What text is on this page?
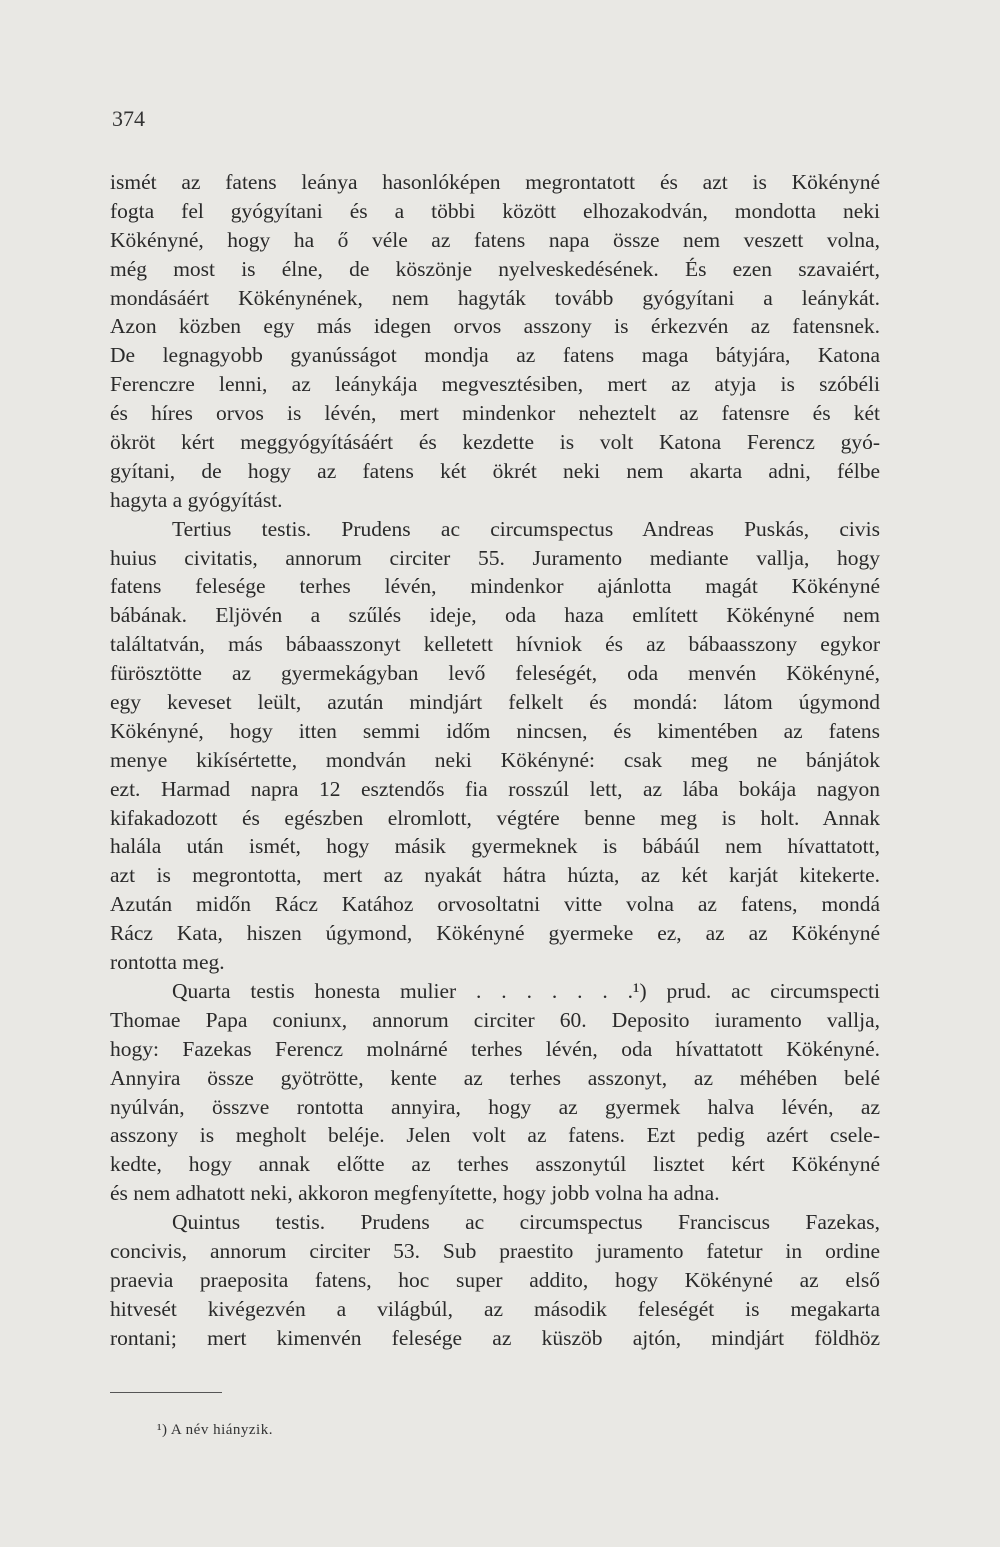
374
ismét az fatens leánya hasonlóképen megrontatott és azt is Kökényné
fogta fel gyógyítani és a többi között elhozakodván, mondotta neki
Kökényné, hogy ha ő véle az fatens napa össze nem veszett volna,
még most is élne, de köszönje nyelveskedésének. És ezen szavaiért,
mondásáért Kökénynének, nem hagyták tovább gyógyítani a leánykát.
Azon közben egy más idegen orvos asszony is érkezvén az fatensnek.
De legnagyobb gyanússágot mondja az fatens maga bátyjára, Katona
Ferenczre lenni, az leánykája megvesztésiben, mert az atyja is szóbéli
és híres orvos is lévén, mert mindenkor neheztelt az fatensre és két
ökröt kért meggyógyításáért és kezdette is volt Katona Ferencz gyó-
gyítani, de hogy az fatens két ökrét neki nem akarta adni, félbe
hagyta a gyógyítást.
Tertius testis. Prudens ac circumspectus Andreas Puskás, civis
huius civitatis, annorum circiter 55. Juramento mediante vallja, hogy
fatens felesége terhes lévén, mindenkor ajánlotta magát Kökényné
bábának. Eljövén a szűlés ideje, oda haza említett Kökényné nem
találtatván, más bábaasszonyt kelletett hívniok és az bábaasszony egykor
fürösztötte az gyermekágyban levő feleségét, oda menvén Kökényné,
egy keveset leült, azután mindjárt felkelt és mondá: látom úgymond
Kökényné, hogy itten semmi időm nincsen, és kimentében az fatens
menye kikísértette, mondván neki Kökényné: csak meg ne bánjátok
ezt. Harmad napra 12 esztendős fia rosszúl lett, az lába bokája nagyon
kifakadozott és egészben elromlott, végtére benne meg is holt. Annak
halála után ismét, hogy másik gyermeknek is bábáúl nem hívattatott,
azt is megrontotta, mert az nyakát hátra húzta, az két karját kitekerte.
Azután midőn Rácz Katához orvosoltatni vitte volna az fatens, mondá
Rácz Kata, hiszen úgymond, Kökényné gyermeke ez, az az Kökényné
rontotta meg.
Quarta testis honesta mulier . . . . . . .¹) prud. ac circumspecti
Thomae Papa coniunx, annorum circiter 60. Deposito iuramento vallja,
hogy: Fazekas Ferencz molnárné terhes lévén, oda hívattatott Kökényné.
Annyira össze gyötrötte, kente az terhes asszonyt, az méhében belé
nyúlván, összve rontotta annyira, hogy az gyermek halva lévén, az
asszony is megholt beléje. Jelen volt az fatens. Ezt pedig azért csele-
kedte, hogy annak előtte az terhes asszonytúl lisztet kért Kökényné
és nem adhatott neki, akkoron megfenyítette, hogy jobb volna ha adna.
Quintus testis. Prudens ac circumspectus Franciscus Fazekas,
concivis, annorum circiter 53. Sub praestito juramento fatetur in ordine
praevia praeposita fatens, hoc super addito, hogy Kökényné az első
hitvesét kivégezvén a világbúl, az második feleségét is megakarta
rontani; mert kimenvén felesége az küszöb ajtón, mindjárt földhöz
¹) A név hiányzik.
